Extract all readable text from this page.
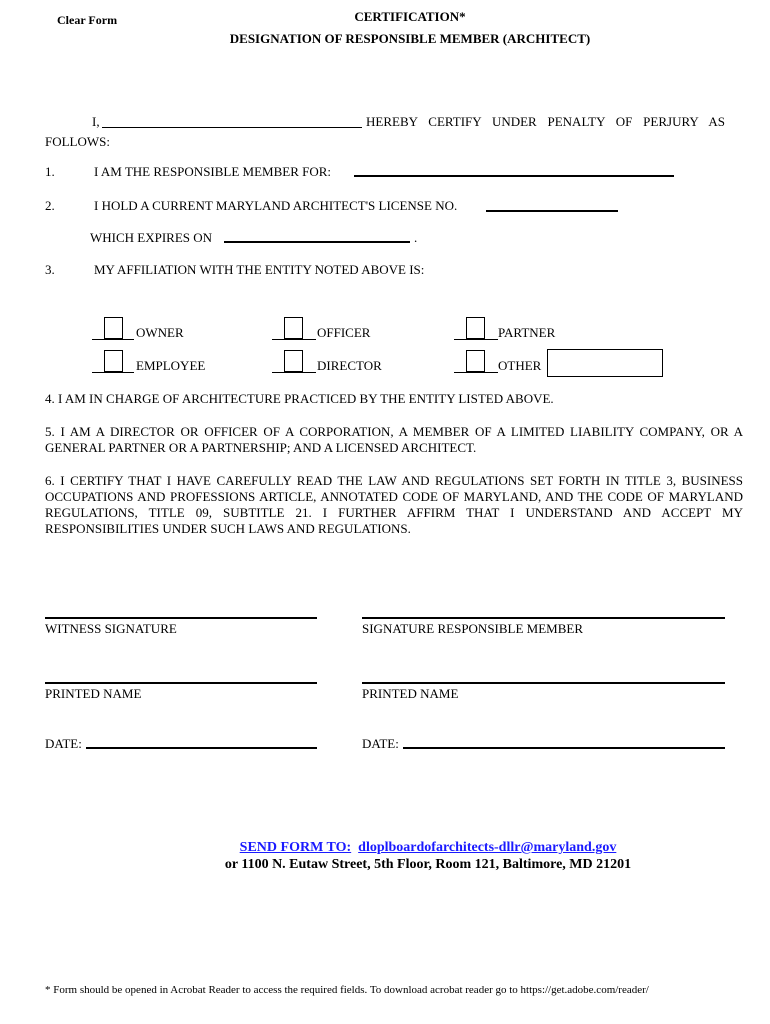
Clear Form	CERTIFICATION*
DESIGNATION OF RESPONSIBLE MEMBER (ARCHITECT)
I,	HEREBY CERTIFY UNDER PENALTY OF PERJURY AS
FOLLOWS:
1.	I AM THE RESPONSIBLE MEMBER FOR:
2.	I HOLD A CURRENT MARYLAND ARCHITECT'S LICENSE NO.
WHICH EXPIRES ON	.
3.	MY AFFILIATION WITH THE ENTITY NOTED ABOVE IS:
OWNER	OFFICER	PARTNER
EMPLOYEE	DIRECTOR	OTHER
4. I AM IN CHARGE OF ARCHITECTURE PRACTICED BY THE ENTITY LISTED ABOVE.
5. I AM A DIRECTOR OR OFFICER OF A CORPORATION, A MEMBER OF A LIMITED LIABILITY COMPANY, OR A GENERAL PARTNER OR A PARTNERSHIP; AND A LICENSED ARCHITECT.
6. I CERTIFY THAT I HAVE CAREFULLY READ THE LAW AND REGULATIONS SET FORTH IN TITLE 3, BUSINESS OCCUPATIONS AND PROFESSIONS ARTICLE, ANNOTATED CODE OF MARYLAND, AND THE CODE OF MARYLAND REGULATIONS, TITLE 09, SUBTITLE 21. I FURTHER AFFIRM THAT I UNDERSTAND AND ACCEPT MY RESPONSIBILITIES UNDER SUCH LAWS AND REGULATIONS.
WITNESS SIGNATURE	SIGNATURE RESPONSIBLE MEMBER
PRINTED NAME	PRINTED NAME
DATE:	DATE:
SEND FORM TO: dloplboardofarchitects-dllr@maryland.gov
or 1100 N. Eutaw Street, 5th Floor, Room 121, Baltimore, MD 21201
* Form should be opened in Acrobat Reader to access the required fields. To download acrobat reader go to https://get.adobe.com/reader/
